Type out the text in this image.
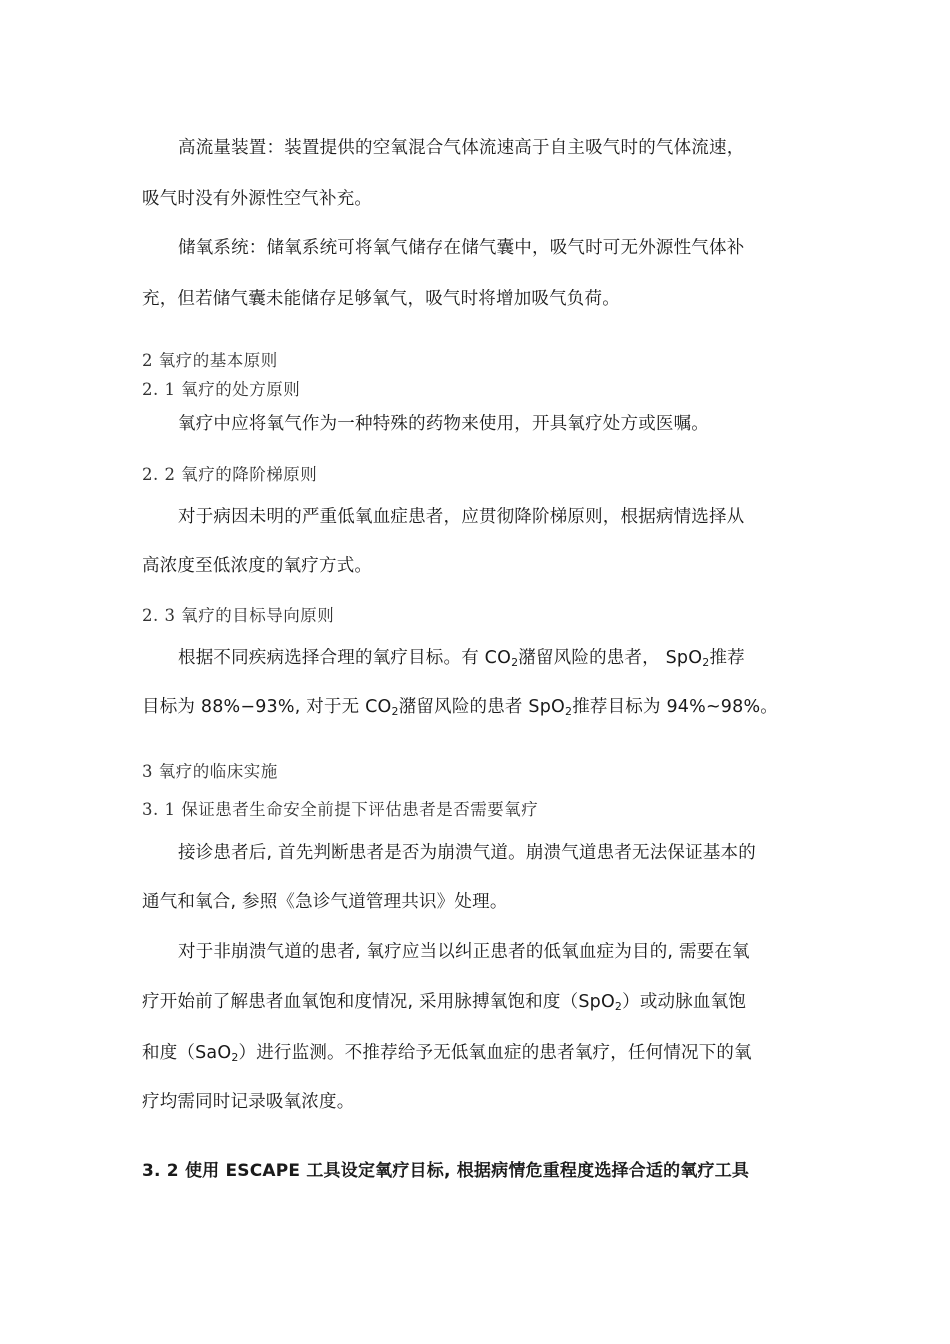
高流量装置：装置提供的空氧混合气体流速高于自主吸气时的气体流速，
吸气时没有外源性空气补充。
储氧系统：储氧系统可将氧气储存在储气囊中，吸气时可无外源性气体补
充，但若储气囊未能储存足够氧气，吸气时将增加吸气负荷。
2 氧疗的基本原则
2. 1 氧疗的处方原则
氧疗中应将氧气作为一种特殊的药物来使用，开具氧疗处方或医嘱。
2. 2 氧疗的降阶梯原则
对于病因未明的严重低氧血症患者，应贯彻降阶梯原则，根据病情选择从
高浓度至低浓度的氧疗方式。
2. 3 氧疗的目标导向原则
根据不同疾病选择合理的氧疗目标。有 $CO_2$潴留风险的患者， SpO$_2$推荐
目标为 88%−93%, 对于无 $CO_2$潴留风险的患者 SpO$_2$推荐目标为 94%~98%。
3 氧疗的临床实施
3. 1 保证患者生命安全前提下评估患者是否需要氧疗
接诊患者后, 首先判断患者是否为崩溃气道。崩溃气道患者无法保证基本的
通气和氧合, 参照《急诊气道管理共识》处理。
对于非崩溃气道的患者, 氧疗应当以纠正患者的低氧血症为目的, 需要在氧
疗开始前了解患者血氧饱和度情况, 采用脉搏氧饱和度（SpO$_2$）或动脉血氧饱
和度（SaO$_2$）进行监测。不推荐给予无低氧血症的患者氧疗，任何情况下的氧
疗均需同时记录吸氧浓度。
3. 2 使用 ESCAPE 工具设定氧疗目标, 根据病情危重程度选择合适的氧疗工具
